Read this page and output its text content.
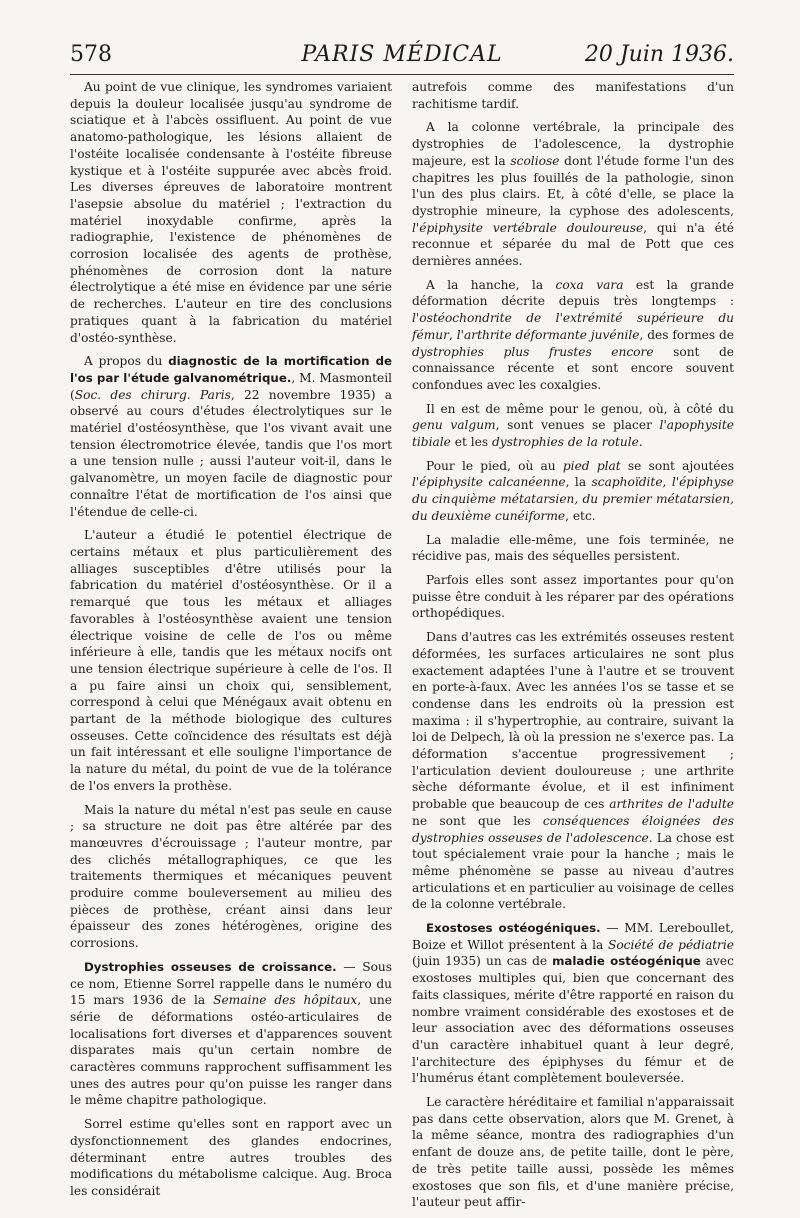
578	PARIS MÉDICAL	20 Juin 1936.

Au point de vue clinique, les syndromes variaient depuis la douleur localisée jusqu'au syndrome de sciatique et à l'abcès ossifluent. Au point de vue anatomo-pathologique, les lésions allaient de l'ostéite localisée condensante à l'ostéite fibreuse kystique et à l'ostéite suppurée avec abcès froid. Les diverses épreuves de laboratoire montrent l'asepsie absolue du matériel ; l'extraction du matériel inoxydable confirme, après la radiographie, l'existence de phénomènes de corrosion localisée des agents de prothèse, phénomènes de corrosion dont la nature électrolytique a été mise en évidence par une série de recherches. L'auteur en tire des conclusions pratiques quant à la fabrication du matériel d'ostéo-synthèse.

A propos du diagnostic de la mortification de l'os par l'étude galvanométrique., M. Masmonteil (Soc. des chirurg. Paris, 22 novembre 1935) a observé au cours d'études électrolytiques sur le matériel d'ostéosynthèse, que l'os vivant avait une tension électromotrice élevée, tandis que l'os mort a une tension nulle ; aussi l'auteur voit-il, dans le galvanomètre, un moyen facile de diagnostic pour connaître l'état de mortification de l'os ainsi que l'étendue de celle-ci.

L'auteur a étudié le potentiel électrique de certains métaux et plus particulièrement des alliages susceptibles d'être utilisés pour la fabrication du matériel d'ostéosynthèse. Or il a remarqué que tous les métaux et alliages favorables à l'ostéosynthèse avaient une tension électrique voisine de celle de l'os ou même inférieure à elle, tandis que les métaux nocifs ont une tension électrique supérieure à celle de l'os. Il a pu faire ainsi un choix qui, sensiblement, correspond à celui que Ménégaux avait obtenu en partant de la méthode biologique des cultures osseuses. Cette coïncidence des résultats est déjà un fait intéressant et elle souligne l'importance de la nature du métal, du point de vue de la tolérance de l'os envers la prothèse.

Mais la nature du métal n'est pas seule en cause ; sa structure ne doit pas être altérée par des manœuvres d'écrouissage ; l'auteur montre, par des clichés métallographiques, ce que les traitements thermiques et mécaniques peuvent produire comme bouleversement au milieu des pièces de prothèse, créant ainsi dans leur épaisseur des zones hétérogènes, origine des corrosions.

Dystrophies osseuses de croissance. — Sous ce nom, Etienne Sorrel rappelle dans le numéro du 15 mars 1936 de la Semaine des hôpitaux, une série de déformations ostéo-articulaires de localisations fort diverses et d'apparences souvent disparates mais qu'un certain nombre de caractères communs rapprochent suffisamment les unes des autres pour qu'on puisse les ranger dans le même chapitre pathologique.

Sorrel estime qu'elles sont en rapport avec un dysfonctionnement des glandes endocrines, déterminant entre autres troubles des modifications du métabolisme calcique. Aug. Broca les considérait

autrefois comme des manifestations d'un rachitisme tardif.

A la colonne vertébrale, la principale des dystrophies de l'adolescence, la dystrophie majeure, est la scoliose dont l'étude forme l'un des chapitres les plus fouillés de la pathologie, sinon l'un des plus clairs. Et, à côté d'elle, se place la dystrophie mineure, la cyphose des adolescents, l'épiphysite vertébrale douloureuse, qui n'a été reconnue et séparée du mal de Pott que ces dernières années.

A la hanche, la coxa vara est la grande déformation décrite depuis très longtemps : l'ostéochondrite de l'extrémité supérieure du fémur, l'arthrite déformante juvénile, des formes de dystrophies plus frustes encore sont de connaissance récente et sont encore souvent confondues avec les coxalgies.

Il en est de même pour le genou, où, à côté du genu valgum, sont venues se placer l'apophysite tibiale et les dystrophies de la rotule.

Pour le pied, où au pied plat se sont ajoutées l'épiphysite calcanéenne, la scaphoïdite, l'épiphyse du cinquième métatarsien, du premier métatarsien, du deuxième cunéiforme, etc.

La maladie elle-même, une fois terminée, ne récidive pas, mais des séquelles persistent.

Parfois elles sont assez importantes pour qu'on puisse être conduit à les réparer par des opérations orthopédiques.

Dans d'autres cas les extrémités osseuses restent déformées, les surfaces articulaires ne sont plus exactement adaptées l'une à l'autre et se trouvent en porte-à-faux. Avec les années l'os se tasse et se condense dans les endroits où la pression est maxima : il s'hypertrophie, au contraire, suivant la loi de Delpech, là où la pression ne s'exerce pas. La déformation s'accentue progressivement ; l'articulation devient douloureuse ; une arthrite sèche déformante évolue, et il est infiniment probable que beaucoup de ces arthrites de l'adulte ne sont que les conséquences éloignées des dystrophies osseuses de l'adolescence. La chose est tout spécialement vraie pour la hanche ; mais le même phénomène se passe au niveau d'autres articulations et en particulier au voisinage de celles de la colonne vertébrale.

Exostoses ostéogéniques. — MM. Lereboullet, Boize et Willot présentent à la Société de pédiatrie (juin 1935) un cas de maladie ostéogénique avec exostoses multiples qui, bien que concernant des faits classiques, mérite d'être rapporté en raison du nombre vraiment considérable des exostoses et de leur association avec des déformations osseuses d'un caractère inhabituel quant à leur degré, l'architecture des épiphyses du fémur et de l'humérus étant complètement bouleversée.

Le caractère héréditaire et familial n'apparaissait pas dans cette observation, alors que M. Grenet, à la même séance, montra des radiographies d'un enfant de douze ans, de petite taille, dont le père, de très petite taille aussi, possède les mêmes exostoses que son fils, et d'une manière précise, l'auteur peut affir-
